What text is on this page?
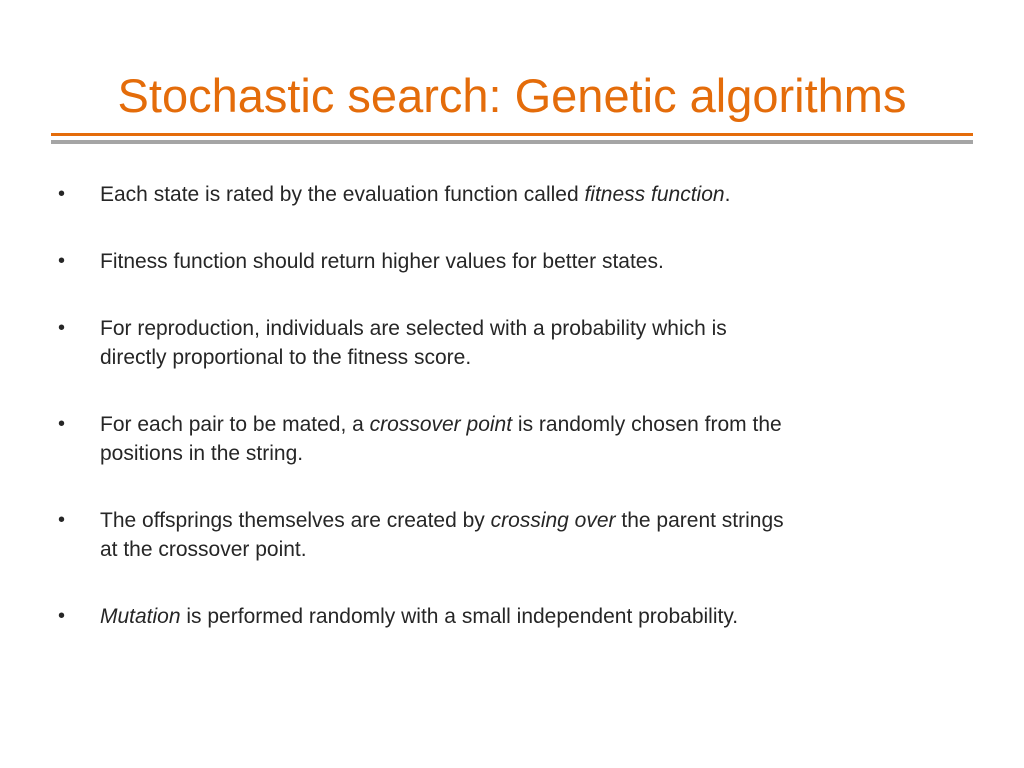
Stochastic search: Genetic algorithms
•	Each state is rated by the evaluation function called fitness function.
•	Fitness function should return higher values for better states.
•	For reproduction, individuals are selected with a probability which is
directly proportional to the fitness score.
•	For each pair to be mated, a crossover point is randomly chosen from the
positions in the string.
•	The offsprings themselves are created by crossing over the parent strings
at the crossover point.
•	Mutation is performed randomly with a small independent probability.
